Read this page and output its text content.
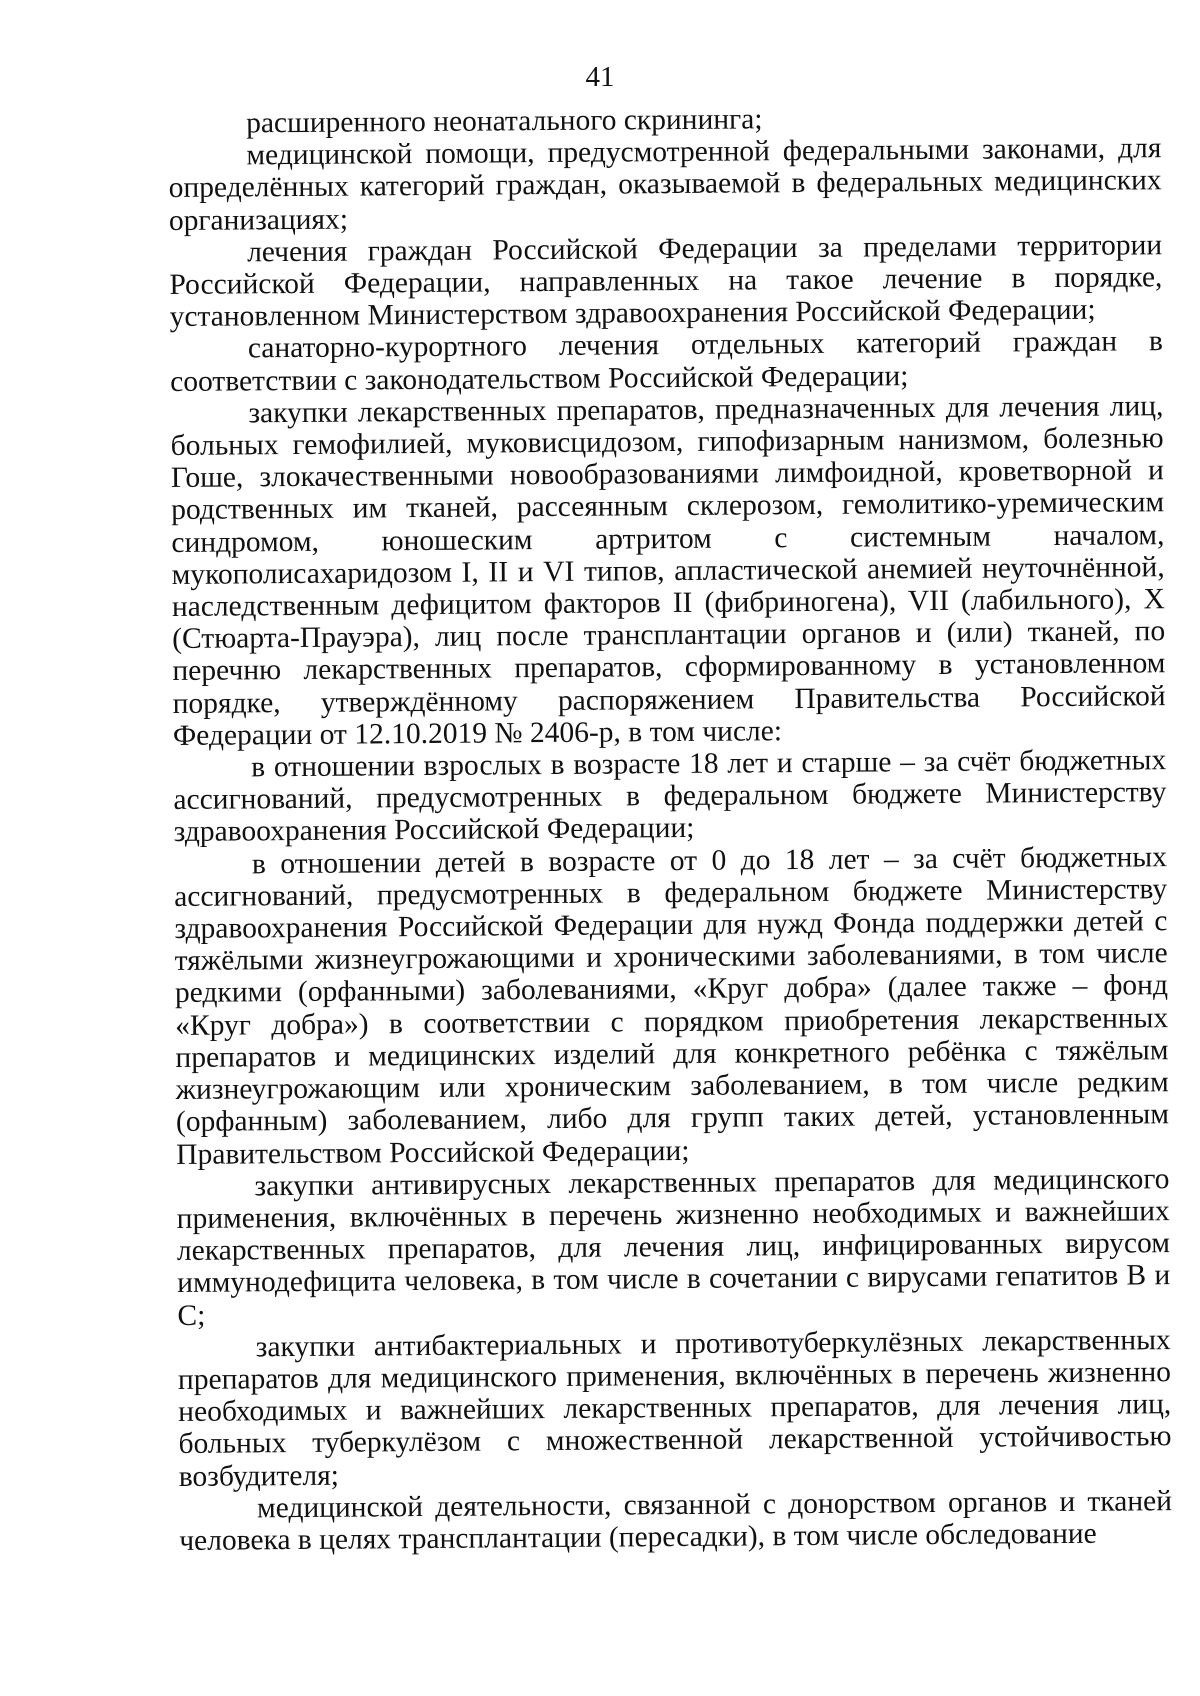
41

расширенного неонатального скрининга;

медицинской помощи, предусмотренной федеральными законами, для определённых категорий граждан, оказываемой в федеральных медицинских организациях;

лечения граждан Российской Федерации за пределами территории Российской Федерации, направленных на такое лечение в порядке, установленном Министерством здравоохранения Российской Федерации;

санаторно-курортного лечения отдельных категорий граждан в соответствии с законодательством Российской Федерации;

закупки лекарственных препаратов, предназначенных для лечения лиц, больных гемофилией, муковисцидозом, гипофизарным нанизмом, болезнью Гоше, злокачественными новообразованиями лимфоидной, кроветворной и родственных им тканей, рассеянным склерозом, гемолитико-уремическим синдромом, юношеским артритом с системным началом, мукополисахаридозом I, II и VI типов, апластической анемией неуточнённой, наследственным дефицитом факторов II (фибриногена), VII (лабильного), X (Стюарта-Прауэра), лиц после трансплантации органов и (или) тканей, по перечню лекарственных препаратов, сформированному в установленном порядке, утверждённому распоряжением Правительства Российской Федерации от 12.10.2019 № 2406-р, в том числе:

в отношении взрослых в возрасте 18 лет и старше – за счёт бюджетных ассигнований, предусмотренных в федеральном бюджете Министерству здравоохранения Российской Федерации;

в отношении детей в возрасте от 0 до 18 лет – за счёт бюджетных ассигнований, предусмотренных в федеральном бюджете Министерству здравоохранения Российской Федерации для нужд Фонда поддержки детей с тяжёлыми жизнеугрожающими и хроническими заболеваниями, в том числе редкими (орфанными) заболеваниями, «Круг добра» (далее также – фонд «Круг добра») в соответствии с порядком приобретения лекарственных препаратов и медицинских изделий для конкретного ребёнка с тяжёлым жизнеугрожающим или хроническим заболеванием, в том числе редким (орфанным) заболеванием, либо для групп таких детей, установленным Правительством Российской Федерации;

закупки антивирусных лекарственных препаратов для медицинского применения, включённых в перечень жизненно необходимых и важнейших лекарственных препаратов, для лечения лиц, инфицированных вирусом иммунодефицита человека, в том числе в сочетании с вирусами гепатитов B и C;

закупки антибактериальных и противотуберкулёзных лекарственных препаратов для медицинского применения, включённых в перечень жизненно необходимых и важнейших лекарственных препаратов, для лечения лиц, больных туберкулёзом с множественной лекарственной устойчивостью возбудителя;

медицинской деятельности, связанной с донорством органов и тканей человека в целях трансплантации (пересадки), в том числе обследование
